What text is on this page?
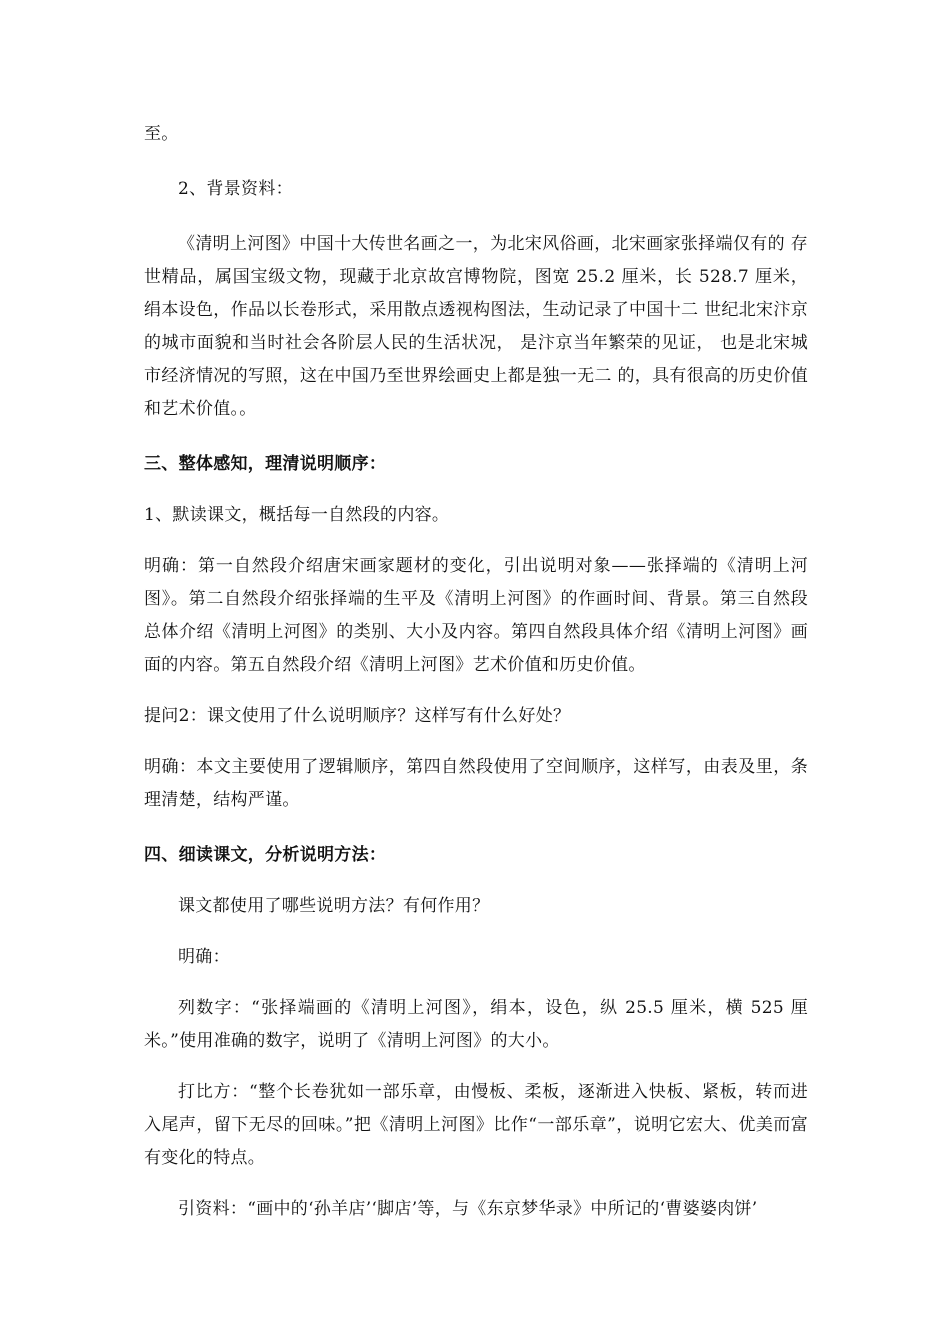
至。

2、背景资料：

《清明上河图》中国十大传世名画之一，为北宋风俗画，北宋画家张择端仅有的 存世精品，属国宝级文物，现藏于北京故宫博物院，图宽 25.2 厘米，长 528.7 厘米，绢本设色，作品以长卷形式，采用散点透视构图法，生动记录了中国十二 世纪北宋汴京的城市面貌和当时社会各阶层人民的生活状况， 是汴京当年繁荣的见证， 也是北宋城市经济情况的写照，这在中国乃至世界绘画史上都是独一无二 的，具有很高的历史价值和艺术价值。。

三、整体感知，理清说明顺序：

1、默读课文，概括每一自然段的内容。

明确：第一自然段介绍唐宋画家题材的变化，引出说明对象——张择端的《清明上河图》。第二自然段介绍张择端的生平及《清明上河图》的作画时间、背景。第三自然段总体介绍《清明上河图》的类别、大小及内容。第四自然段具体介绍《清明上河图》画面的内容。第五自然段介绍《清明上河图》艺术价值和历史价值。

提问2：课文使用了什么说明顺序？这样写有什么好处？

明确：本文主要使用了逻辑顺序，第四自然段使用了空间顺序，这样写，由表及里，条理清楚，结构严谨。

四、细读课文，分析说明方法：

课文都使用了哪些说明方法？有何作用？

明确：

列数字：“张择端画的《清明上河图》，绢本，设色，纵 25.5 厘米，横 525 厘米。”使用准确的数字，说明了《清明上河图》的大小。

打比方：“整个长卷犹如一部乐章，由慢板、柔板，逐渐进入快板、紧板，转而进入尾声，留下无尽的回味。”把《清明上河图》比作“一部乐章”，说明它宏大、优美而富有变化的特点。

引资料：“画中的‘孙羊店’‘脚店’等，与《东京梦华录》中所记的‘曹婆婆肉饼’
